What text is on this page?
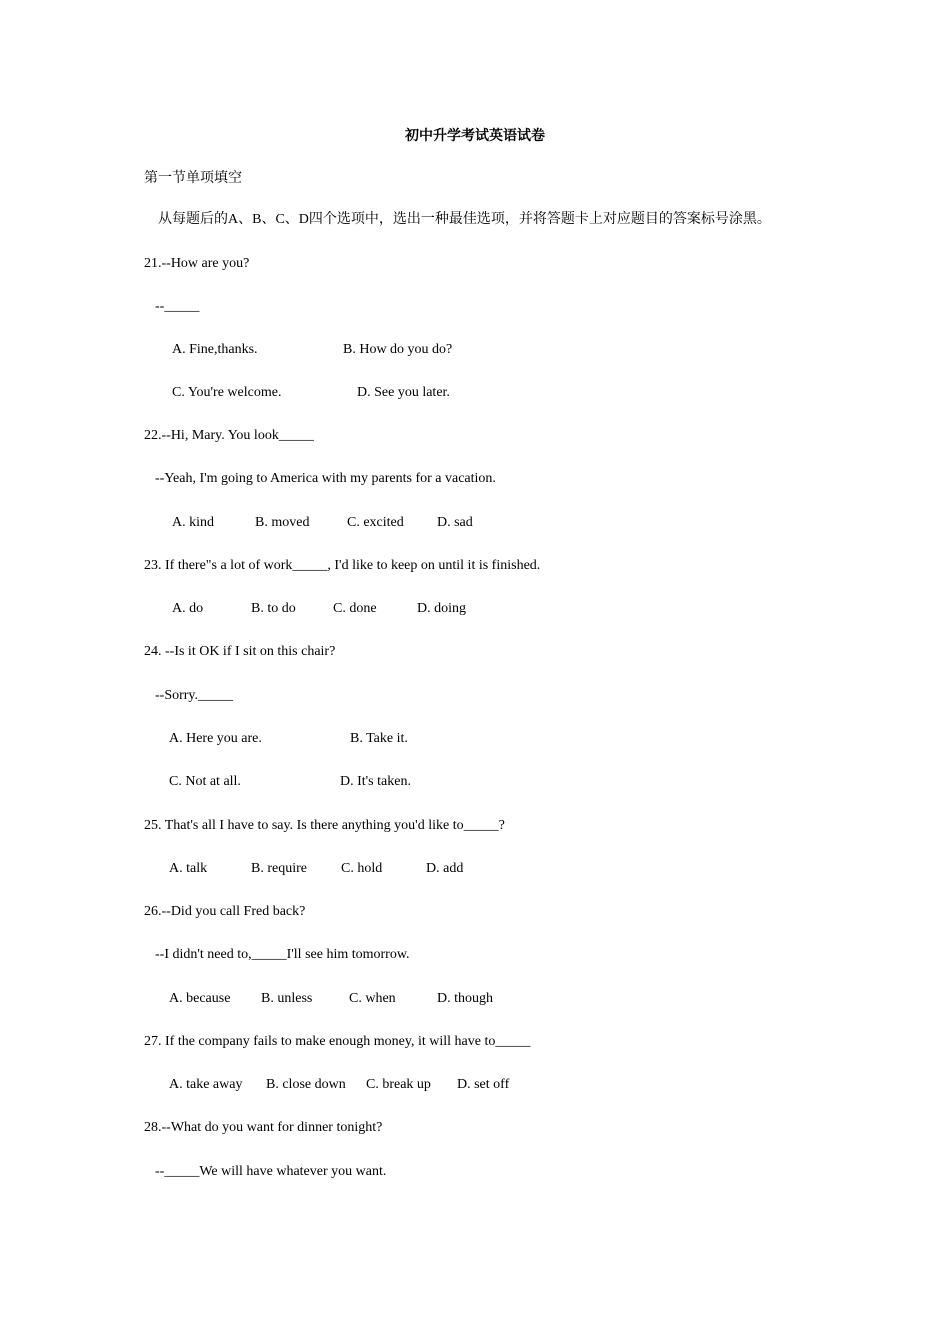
初中升学考试英语试卷
第一节单项填空
从每题后的A、B、C、D四个选项中，选出一种最佳选项，并将答题卡上对应题目的答案标号涂黑。
21.--How are you?
--_____
A. Fine,thanks.	B. How do you do?
C. You're welcome.	D. See you later.
22.--Hi, Mary. You look_____
--Yeah, I'm going to America with my parents for a vacation.
A. kind	B. moved	C. excited D. sad
23. If there"s a lot of work_____, I'd like to keep on until it is finished.
A. do	B. to do	C. done	D. doing
24. --Is it OK if I sit on this chair?
--Sorry._____
A. Here you are.	B. Take it.
C. Not at all.	D. It's taken.
25. That's all I have to say. Is there anything you'd like to_____?
A. talk	B. require C. hold	D. add
26.--Did you call Fred back?
--I didn't need to,_____I'll see him tomorrow.
A. because B. unless	C. when	D. though
27. If the company fails to make enough money, it will have to_____
A. take away B. close down C. break up D. set off
28.--What do you want for dinner tonight?
--_____We will have whatever you want.
